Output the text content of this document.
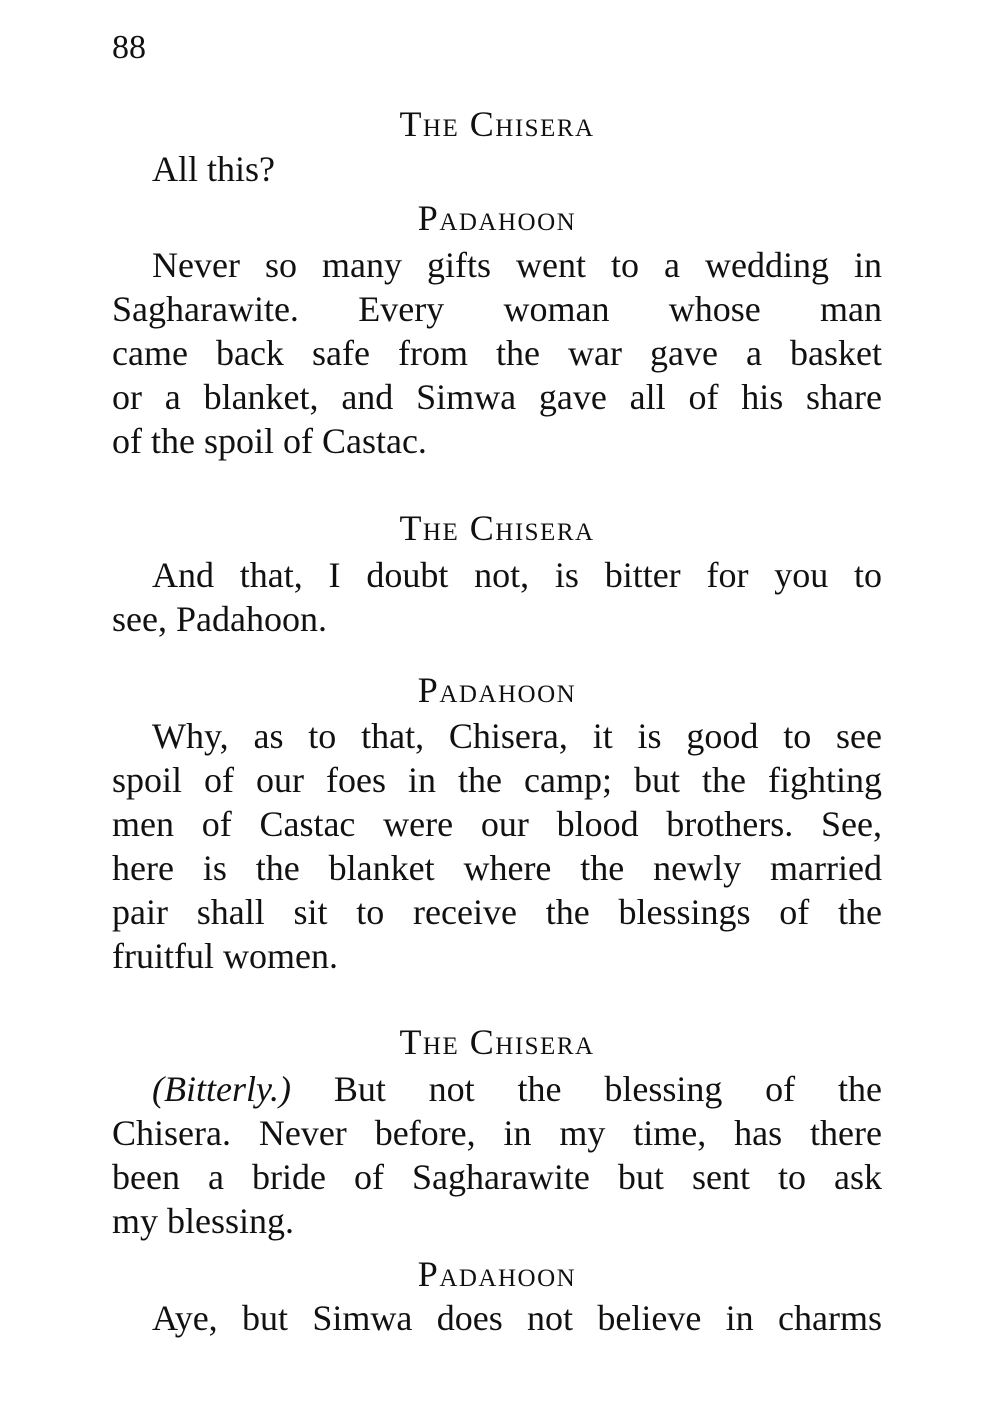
88
The Chisera
All this?
Padahoon
Never so many gifts went to a wedding in
Sagharawite. Every woman whose man
came back safe from the war gave a basket
or a blanket, and Simwa gave all of his share
of the spoil of Castac.
The Chisera
And that, I doubt not, is bitter for you to
see, Padahoon.
Padahoon
Why, as to that, Chisera, it is good to see
spoil of our foes in the camp; but the fighting
men of Castac were our blood brothers. See,
here is the blanket where the newly married
pair shall sit to receive the blessings of the
fruitful women.
The Chisera
(Bitterly.) But not the blessing of the
Chisera. Never before, in my time, has there
been a bride of Sagharawite but sent to ask
my blessing.
Padahoon
Aye, but Simwa does not believe in charms
